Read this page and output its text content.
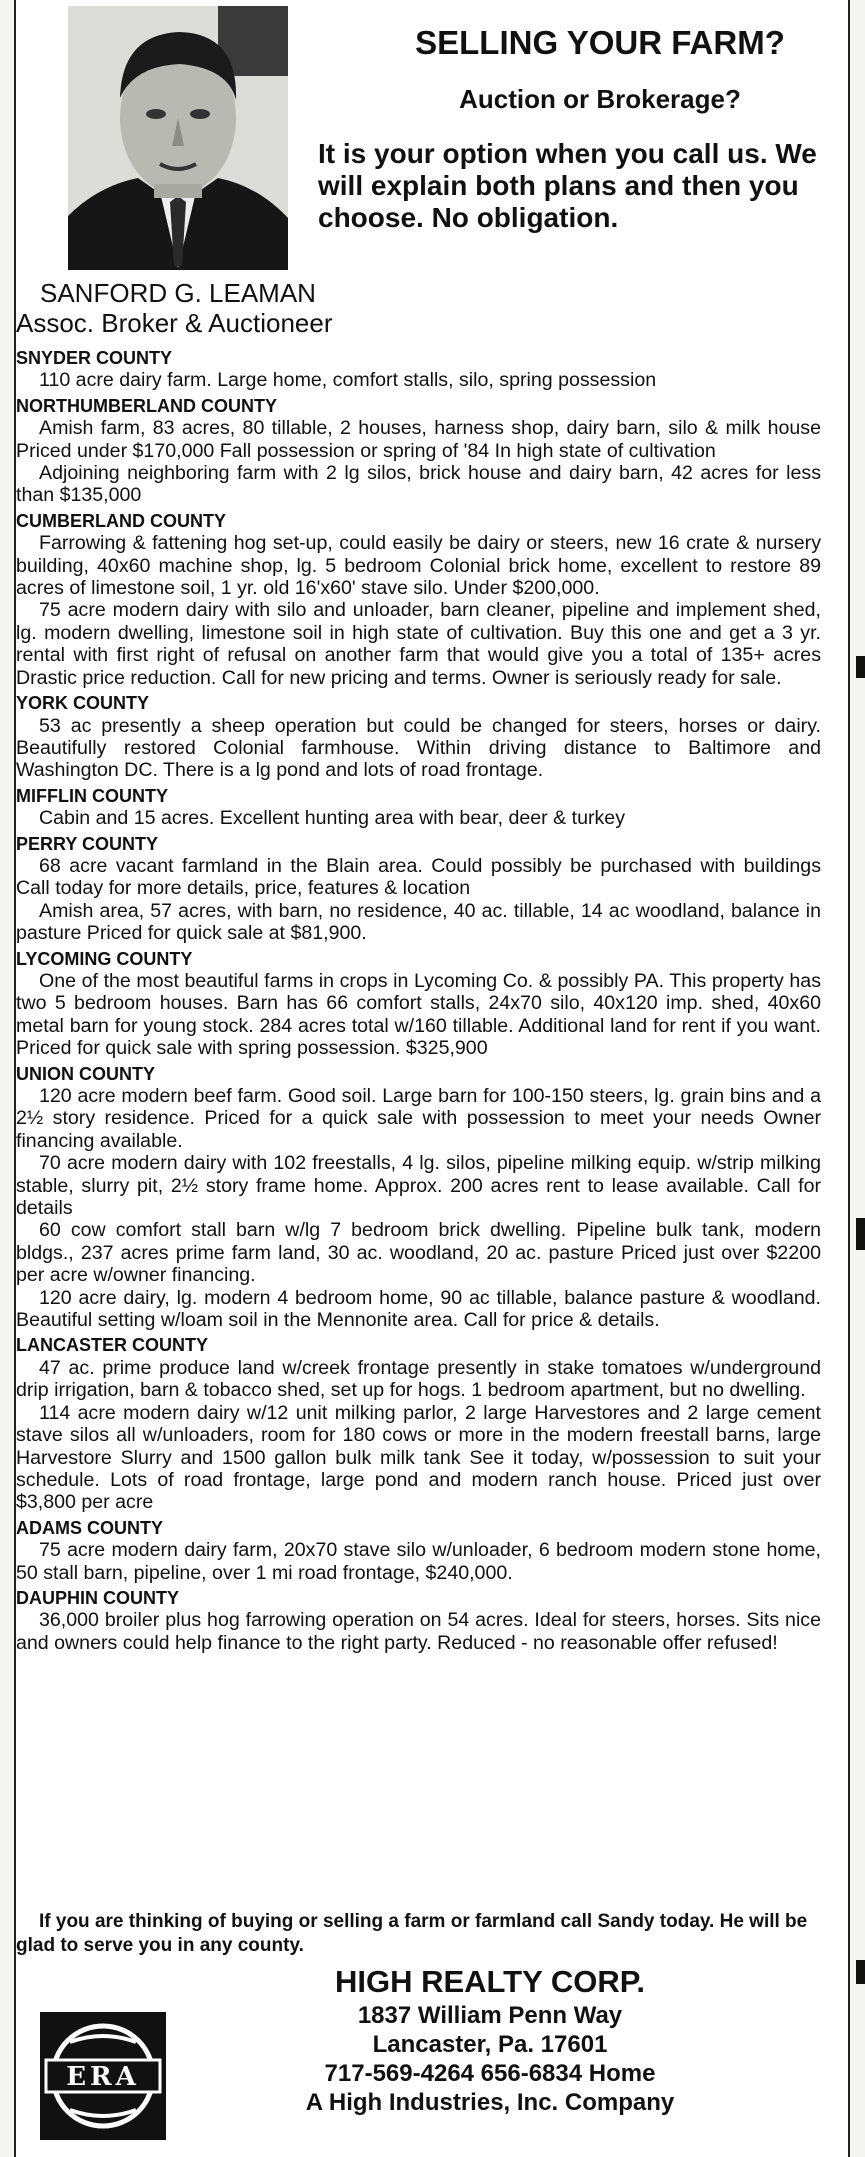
SANFORD G. LEAMAN
Assoc. Broker & Auctioneer
SELLING YOUR FARM?
Auction or Brokerage?
It is your option when you call us. We will explain both plans and then you choose. No obligation.
SNYDER COUNTY
110 acre dairy farm. Large home, comfort stalls, silo, spring possession
NORTHUMBERLAND COUNTY
Amish farm, 83 acres, 80 tillable, 2 houses, harness shop, dairy barn, silo & milk house Priced under $170,000 Fall possession or spring of '84 In high state of cultivation
Adjoining neighboring farm with 2 lg silos, brick house and dairy barn, 42 acres for less than $135,000
CUMBERLAND COUNTY
Farrowing & fattening hog set-up, could easily be dairy or steers, new 16 crate & nursery building, 40x60 machine shop, lg. 5 bedroom Colonial brick home, excellent to restore 89 acres of limestone soil, 1 yr. old 16'x60' stave silo. Under $200,000.
75 acre modern dairy with silo and unloader, barn cleaner, pipeline and implement shed, lg. modern dwelling, limestone soil in high state of cultivation. Buy this one and get a 3 yr. rental with first right of refusal on another farm that would give you a total of 135+ acres Drastic price reduction. Call for new pricing and terms. Owner is seriously ready for sale.
YORK COUNTY
53 ac presently a sheep operation but could be changed for steers, horses or dairy. Beautifully restored Colonial farmhouse. Within driving distance to Baltimore and Washington DC. There is a lg pond and lots of road frontage.
MIFFLIN COUNTY
Cabin and 15 acres. Excellent hunting area with bear, deer & turkey
PERRY COUNTY
68 acre vacant farmland in the Blain area. Could possibly be purchased with buildings Call today for more details, price, features & location
Amish area, 57 acres, with barn, no residence, 40 ac. tillable, 14 ac woodland, balance in pasture Priced for quick sale at $81,900.
LYCOMING COUNTY
One of the most beautiful farms in crops in Lycoming Co. & possibly PA. This property has two 5 bedroom houses. Barn has 66 comfort stalls, 24x70 silo, 40x120 imp. shed, 40x60 metal barn for young stock. 284 acres total w/160 tillable. Additional land for rent if you want. Priced for quick sale with spring possession. $325,900
UNION COUNTY
120 acre modern beef farm. Good soil. Large barn for 100-150 steers, lg. grain bins and a 2½ story residence. Priced for a quick sale with possession to meet your needs Owner financing available.
70 acre modern dairy with 102 freestalls, 4 lg. silos, pipeline milking equip. w/strip milking stable, slurry pit, 2½ story frame home. Approx. 200 acres rent to lease available. Call for details
60 cow comfort stall barn w/lg 7 bedroom brick dwelling. Pipeline bulk tank, modern bldgs., 237 acres prime farm land, 30 ac. woodland, 20 ac. pasture Priced just over $2200 per acre w/owner financing.
120 acre dairy, lg. modern 4 bedroom home, 90 ac tillable, balance pasture & woodland. Beautiful setting w/loam soil in the Mennonite area. Call for price & details.
LANCASTER COUNTY
47 ac. prime produce land w/creek frontage presently in stake tomatoes w/underground drip irrigation, barn & tobacco shed, set up for hogs. 1 bedroom apartment, but no dwelling.
114 acre modern dairy w/12 unit milking parlor, 2 large Harvestores and 2 large cement stave silos all w/unloaders, room for 180 cows or more in the modern freestall barns, large Harvestore Slurry and 1500 gallon bulk milk tank See it today, w/possession to suit your schedule. Lots of road frontage, large pond and modern ranch house. Priced just over $3,800 per acre
ADAMS COUNTY
75 acre modern dairy farm, 20x70 stave silo w/unloader, 6 bedroom modern stone home, 50 stall barn, pipeline, over 1 mi road frontage, $240,000.
DAUPHIN COUNTY
36,000 broiler plus hog farrowing operation on 54 acres. Ideal for steers, horses. Sits nice and owners could help finance to the right party. Reduced - no reasonable offer refused!
If you are thinking of buying or selling a farm or farmland call Sandy today. He will be glad to serve you in any county.
ERA
HIGH REALTY CORP.
1837 William Penn Way
Lancaster, Pa. 17601
717-569-4264 656-6834 Home
A High Industries, Inc. Company
